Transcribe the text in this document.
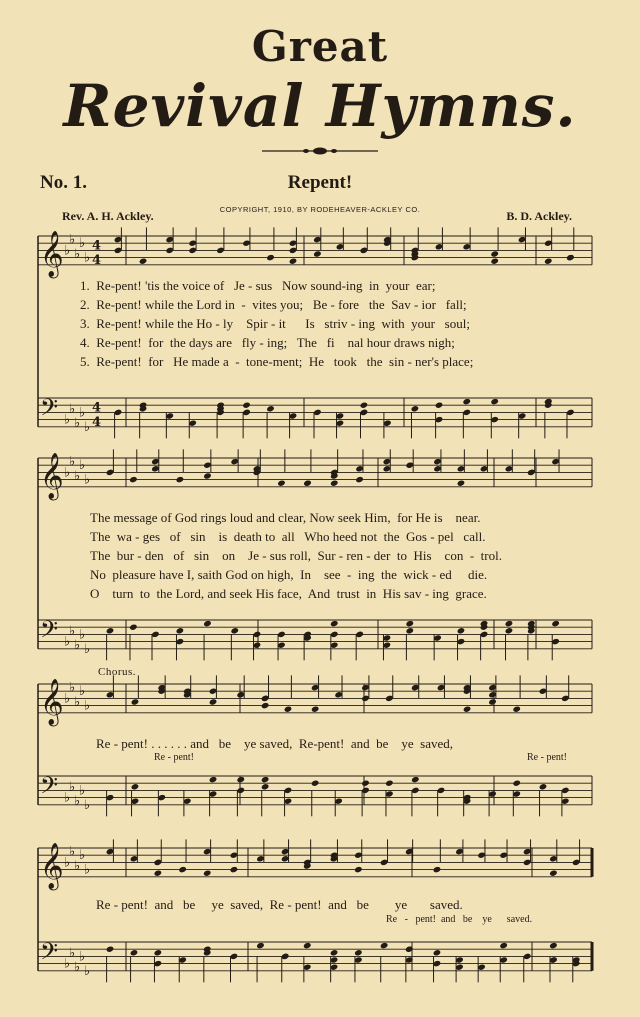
Great
Revival Hymns.
No. 1.	Repent!
COPYRIGHT, 1910, BY RODEHEAVER-ACKLEY CO.
Rev. A. H. Ackley.	B. D. Ackley.
𝄞 ♭
♭
♭
♭
♭
𝄢 ♭
♭
♭
♭
♭
4
4
4
4
𝄞 ♭
♭
♭
♭
♭
𝄢 ♭
♭
♭
♭
♭
𝄞 ♭
♭
♭
♭
♭
𝄢 ♭
♭
♭
♭
♭
𝄞 ♭
♭
♭
♭
♭
𝄢 ♭
♭
♭
♭
♭
1.  Re-pent! 'tis the voice of   Je - sus   Now sound-ing  in  your  ear;
2.  Re-pent! while the Lord in  -  vites you;   Be - fore   the  Sav - ior   fall;
3.  Re-pent! while the Ho - ly    Spir - it      Is   striv - ing  with  your   soul;
4.  Re-pent!  for  the days are   fly - ing;   The   fi    nal hour draws nigh;
5.  Re-pent!  for   He made a  -  tone-ment;  He   took   the  sin - ner's place;
The message of God rings loud and clear, Now seek Him,  for He is    near.
The  wa - ges   of   sin    is  death to  all   Who heed not  the  Gos - pel   call.
The  bur - den   of   sin    on    Je - sus roll,  Sur - ren - der  to  His    con  -  trol.
No  pleasure have I, saith God on high,  In    see  -  ing  the  wick - ed     die.
O    turn  to  the Lord, and seek His face,  And  trust  in  His sav - ing  grace.
Chorus.
Re - pent! . . . . . . and   be    ye saved,  Re-pent!  and  be    ye  saved,
Re - pent!	Re - pent!
Re - pent!  and   be     ye  saved,  Re - pent!  and   be        ye       saved.
Re   -   pent!  and   be    ye      saved.
